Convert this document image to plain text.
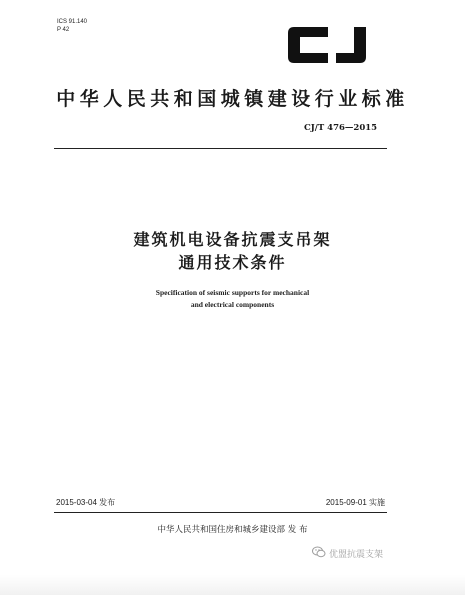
ICS 91.140
P 42
中华人民共和国城镇建设行业标准
CJ/T 476—2015
建筑机电设备抗震支吊架
通用技术条件
Specification of seismic supports for mechanical
and electrical components
2015-03-04 发布	2015-09-01 实施
中华人民共和国住房和城乡建设部 发 布
优盟抗震支架
